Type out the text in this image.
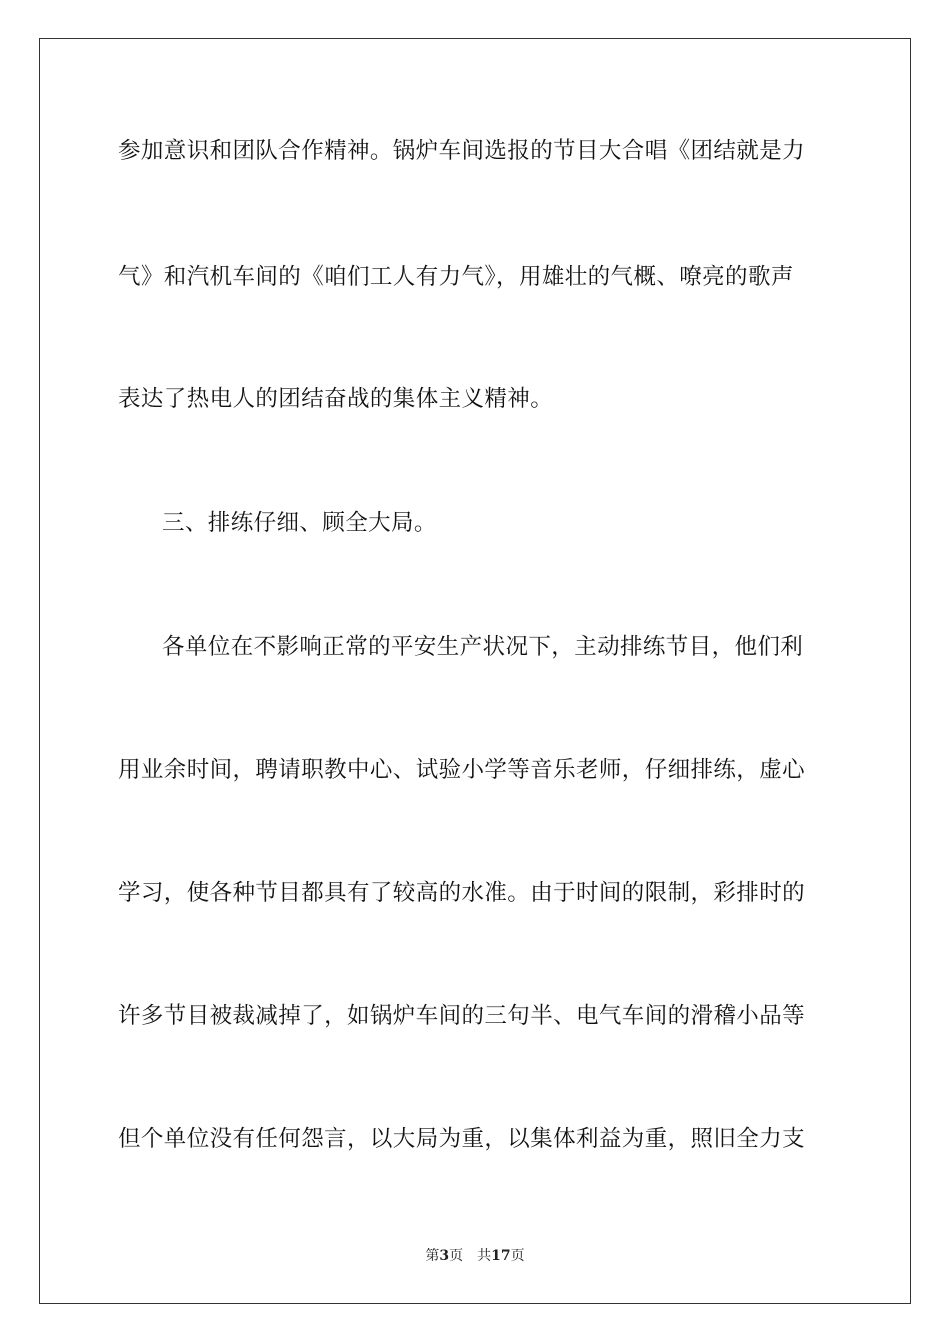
参加意识和团队合作精神。锅炉车间选报的节目大合唱《团结就是力
气》和汽机车间的《咱们工人有力气》，用雄壮的气概、嘹亮的歌声
表达了热电人的团结奋战的集体主义精神。
三、排练仔细、顾全大局。
各单位在不影响正常的平安生产状况下，主动排练节目，他们利
用业余时间，聘请职教中心、试验小学等音乐老师，仔细排练，虚心
学习，使各种节目都具有了较高的水准。由于时间的限制，彩排时的
许多节目被裁减掉了，如锅炉车间的三句半、电气车间的滑稽小品等
但个单位没有任何怨言，以大局为重，以集体利益为重，照旧全力支
第3页 共17页
